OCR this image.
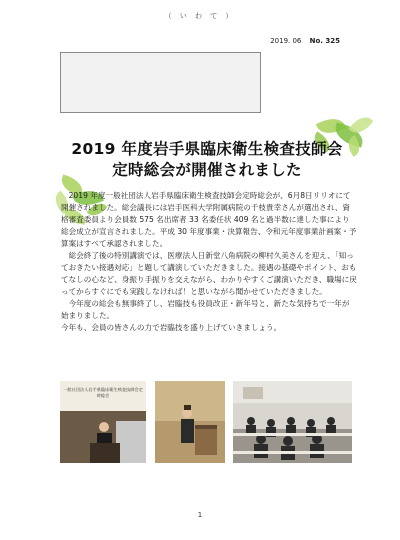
（ い わ て ）
2019. 06 No. 325
2019 年度岩手県臨床衛生検査技師会
定時総会が開催されました

2019 年度一般社団法人岩手県臨床衛生検査技師会定時総会が、6月8日リリオにて開催されました。総会議長には岩手医科大学附属病院の千枝貴幸さんが選出され、資格審査委員より会員数 575 名出席者 33 名委任状 409 名と過半数に達した事により総会成立が宣言されました。平成 30 年度事業・決算報告、令和元年度事業計画案・予算案はすべて承認されました。

総会終了後の特別講演では、医療法人日新堂八角病院の柳村久美さんを迎え、「知っておきたい接遇対応」と題して講演していただきました。接遇の基礎やポイント、おもてなしの心など、身振り手振りを交えながら、わかりやすくご講演いただき、職場に戻ってからすぐにでも実践しなければ！と思いながら聞かせていただきました。

今年度の総会も無事終了し、岩臨技も役員改正・新年号と、新たな気持ちで一年が始まりました。

今年も、会員の皆さんの力で岩臨技を盛り上げていきましょう。

一般社団法人岩手県臨床衛生検査技師会定時総会
1
